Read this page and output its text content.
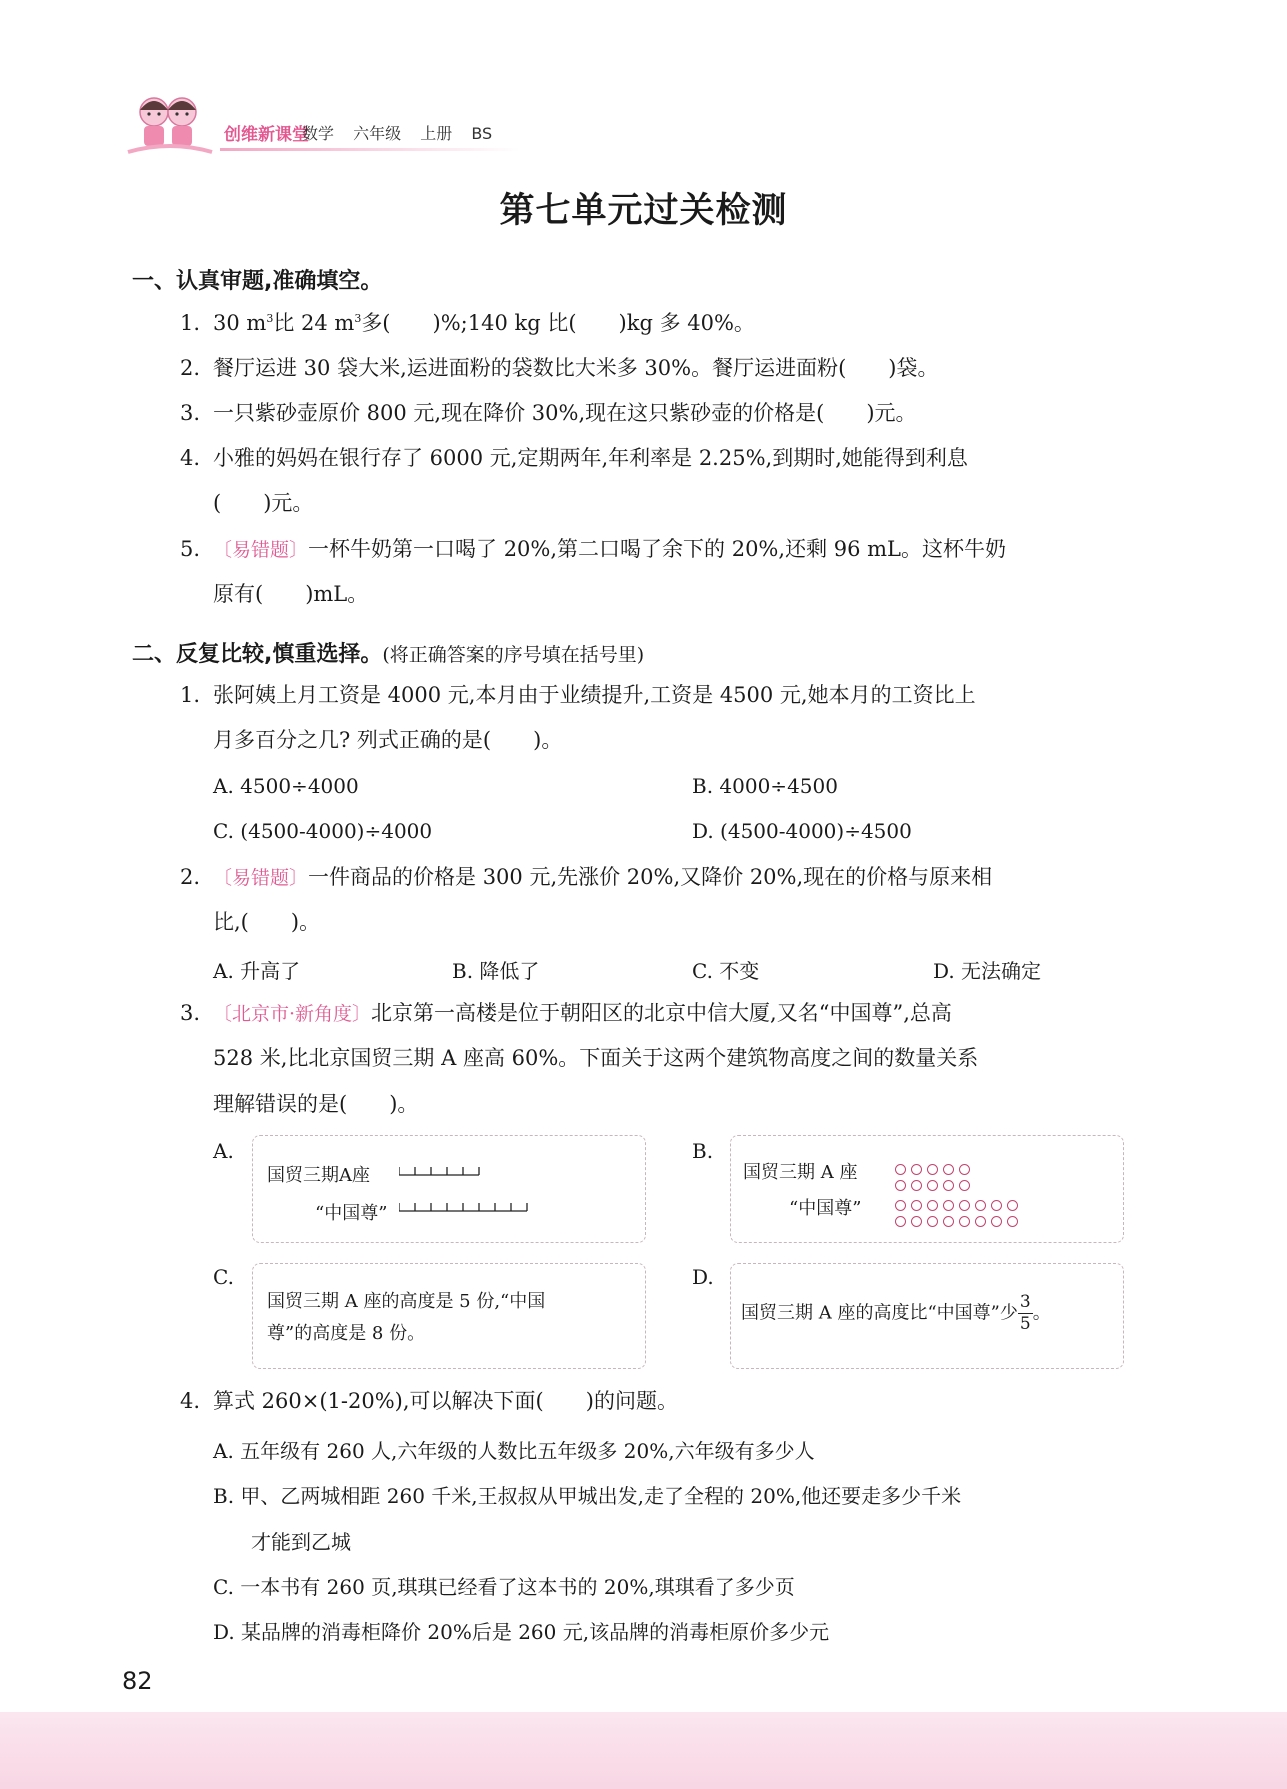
创维新课堂
数学 六年级 上册 BS
第七单元过关检测
一、认真审题,准确填空。
1. 30 $m^3$比 24 $m^3$多( )%;140 kg 比( )kg 多 40%。
2. 餐厅运进 30 袋大米,运进面粉的袋数比大米多 30%。餐厅运进面粉( )袋。
3. 一只紫砂壶原价 800 元,现在降价 30%,现在这只紫砂壶的价格是( )元。
4. 小雅的妈妈在银行存了 6000 元,定期两年,年利率是 2.25%,到期时,她能得到利息
( )元。
5. 〔易错题〕一杯牛奶第一口喝了 20%,第二口喝了余下的 20%,还剩 96 mL。这杯牛奶
原有( )mL。
二、反复比较,慎重选择。(将正确答案的序号填在括号里)
1. 张阿姨上月工资是 4000 元,本月由于业绩提升,工资是 4500 元,她本月的工资比上
月多百分之几? 列式正确的是( )。
A. 4500÷4000	B. 4000÷4500
C. (4500-4000)÷4000	D. (4500-4000)÷4500
2. 〔易错题〕一件商品的价格是 300 元,先涨价 20%,又降价 20%,现在的价格与原来相
比,( )。
A. 升高了	B. 降低了	C. 不变	D. 无法确定
3. 〔北京市·新角度〕北京第一高楼是位于朝阳区的北京中信大厦,又名“中国尊”,总高
528 米,比北京国贸三期 A 座高 60%。下面关于这两个建筑物高度之间的数量关系
理解错误的是( )。
A.
国贸三期A座
“中国尊”
B.
国贸三期 A 座
“中国尊”
C.
国贸三期 A 座的高度是 5 份,“中国
尊”的高度是 8 份。
D.
国贸三期 A 座的高度比“中国尊”少 $\frac{3}{5}$ 。
4. 算式 260×(1-20%),可以解决下面( )的问题。
A. 五年级有 260 人,六年级的人数比五年级多 20%,六年级有多少人
B. 甲、乙两城相距 260 千米,王叔叔从甲城出发,走了全程的 20%,他还要走多少千米
才能到乙城
C. 一本书有 260 页,琪琪已经看了这本书的 20%,琪琪看了多少页
D. 某品牌的消毒柜降价 20%后是 260 元,该品牌的消毒柜原价多少元
82
